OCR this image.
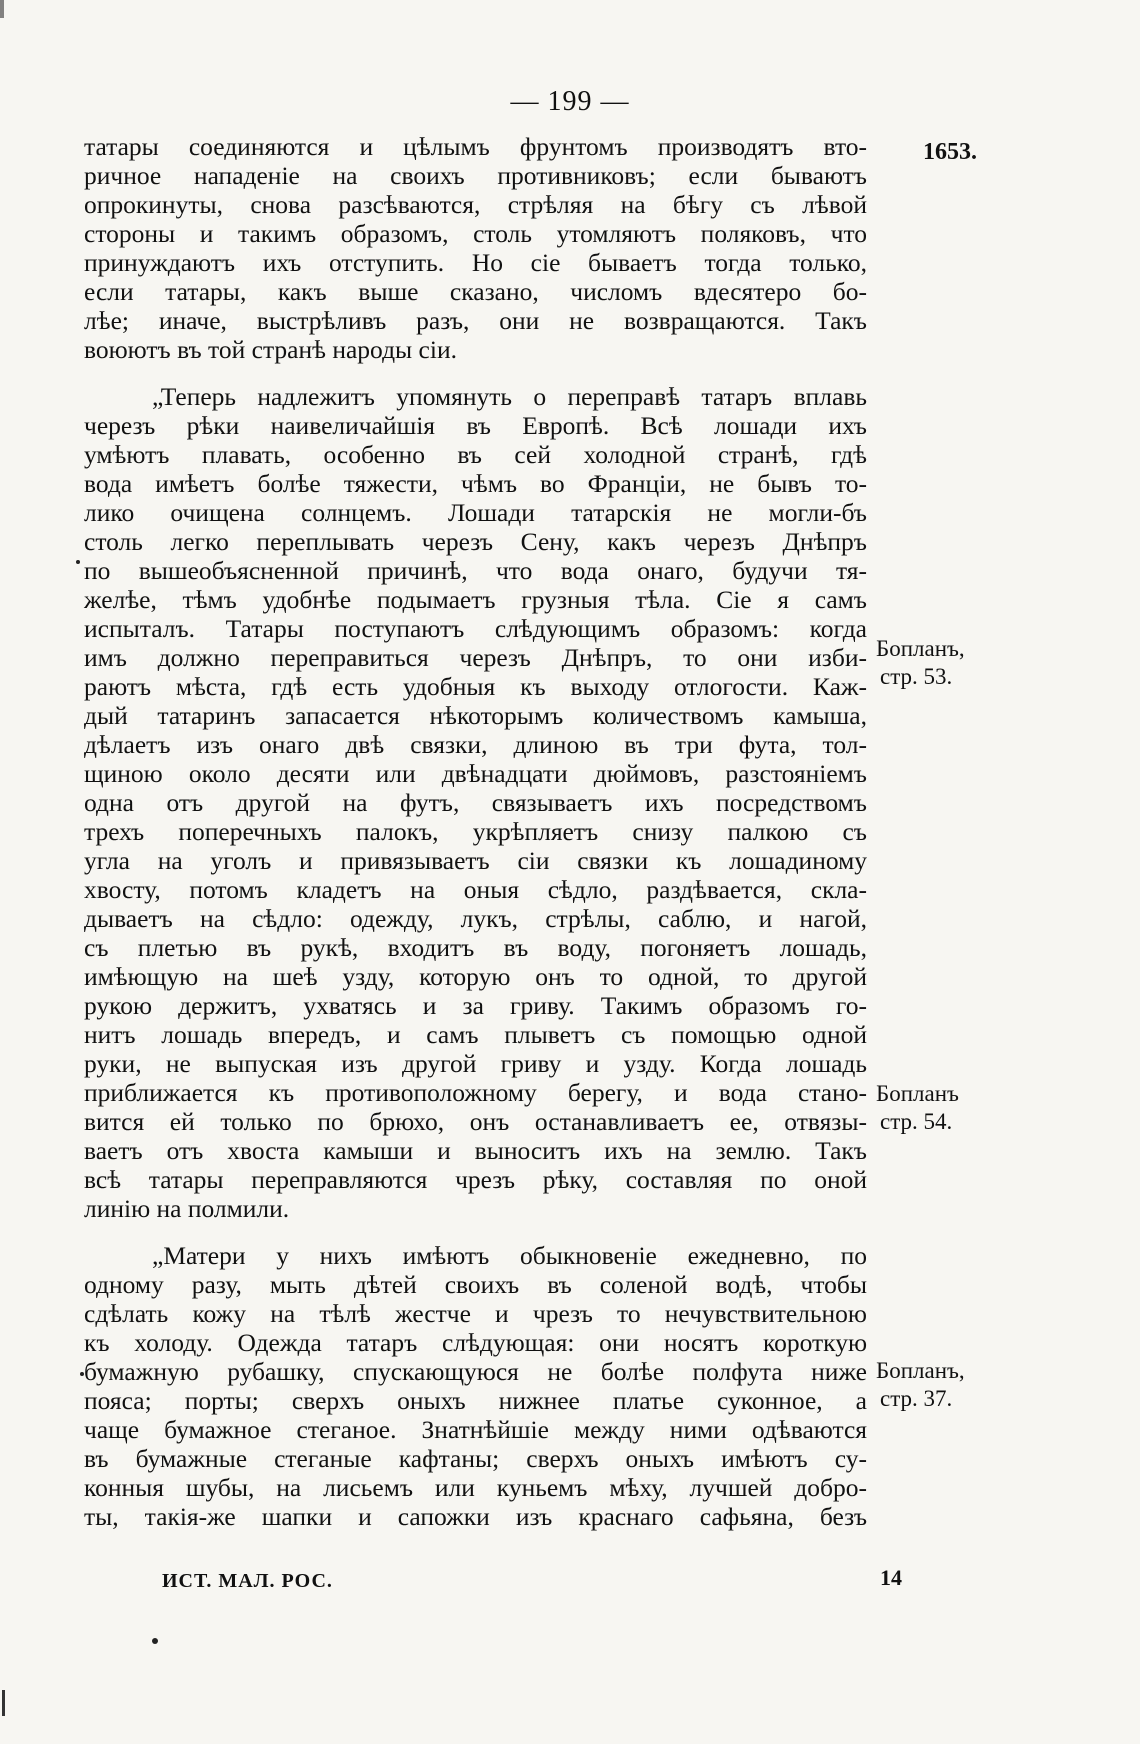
— 199 —
1653.
татары соединяются и цѣлымъ фрунтомъ производятъ вто-
ричное нападеніе на своихъ противниковъ; если бываютъ
опрокинуты, снова разсѣваются, стрѣляя на бѣгу съ лѣвой
стороны и такимъ образомъ, столь утомляютъ поляковъ, что
принуждаютъ ихъ отступить. Но сіе бываетъ тогда только,
если татары, какъ выше сказано, числомъ вдесятеро бо-
лѣе; иначе, выстрѣливъ разъ, они не возвращаются. Такъ
воюютъ въ той странѣ народы сіи.
„Теперь надлежитъ упомянуть о переправѣ татаръ вплавь
черезъ рѣки наивеличайшія въ Европѣ. Всѣ лошади ихъ
умѣютъ плавать, особенно въ сей холодной странѣ, гдѣ
вода имѣетъ болѣе тяжести, чѣмъ во Франціи, не бывъ то-
лико очищена солнцемъ. Лошади татарскія не могли-бъ
столь легко переплывать черезъ Сену, какъ черезъ Днѣпръ
по вышеобъясненной причинѣ, что вода онаго, будучи тя-
желѣе, тѣмъ удобнѣе подымаетъ грузныя тѣла. Сіе я самъ
испыталъ. Татары поступаютъ слѣдующимъ образомъ: когда
имъ должно переправиться черезъ Днѣпръ, то они изби-
раютъ мѣста, гдѣ есть удобныя къ выходу отлогости. Каж-
дый татаринъ запасается нѣкоторымъ количествомъ камыша,
дѣлаетъ изъ онаго двѣ связки, длиною въ три фута, тол-
щиною около десяти или двѣнадцати дюймовъ, разстояніемъ
одна отъ другой на футъ, связываетъ ихъ посредствомъ
трехъ поперечныхъ палокъ, укрѣпляетъ снизу палкою съ
угла на уголъ и привязываетъ сіи связки къ лошадиному
хвосту, потомъ кладетъ на оныя сѣдло, раздѣвается, скла-
дываетъ на сѣдло: одежду, лукъ, стрѣлы, саблю, и нагой,
съ плетью въ рукѣ, входитъ въ воду, погоняетъ лошадь,
имѣющую на шеѣ узду, которую онъ то одной, то другой
рукою держитъ, ухватясь и за гриву. Такимъ образомъ го-
нитъ лошадь впередъ, и самъ плыветъ съ помощью одной
руки, не выпуская изъ другой гриву и узду. Когда лошадь
приближается къ противоположному берегу, и вода стано-
вится ей только по брюхо, онъ останавливаетъ ее, отвязы-
ваетъ отъ хвоста камыши и выноситъ ихъ на землю. Такъ
всѣ татары переправляются чрезъ рѣку, составляя по оной
линію на полмили.
„Матери у нихъ имѣютъ обыкновеніе ежедневно, по
одному разу, мыть дѣтей своихъ въ соленой водѣ, чтобы
сдѣлать кожу на тѣлѣ жестче и чрезъ то нечувствительною
къ холоду. Одежда татаръ слѣдующая: они носятъ короткую
бумажную рубашку, спускающуюся не болѣе полфута ниже
пояса; порты; сверхъ оныхъ нижнее платье суконное, а
чаще бумажное стеганое. Знатнѣйшіе между ними одѣваются
въ бумажные стеганые кафтаны; сверхъ оныхъ имѣютъ су-
конныя шубы, на лисьемъ или куньемъ мѣху, лучшей добро-
ты, такія-же шапки и сапожки изъ краснаго сафьяна, безъ
Бопланъ,
стр. 53.
Бопланъ
стр. 54.
Бопланъ,
стр. 37.
ИСТ. МАЛ. РОС.	14
